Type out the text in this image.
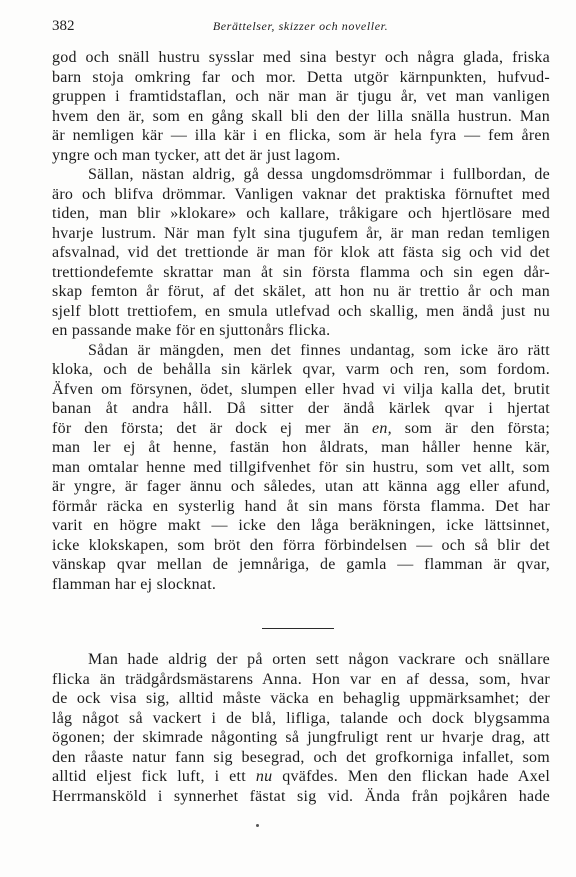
382	Berättelser, skizzer och noveller.
god och snäll hustru sysslar med sina bestyr och några glada, friska
barn stoja omkring far och mor. Detta utgör kärnpunkten, hufvud-
gruppen i framtidstaflan, och när man är tjugu år, vet man vanligen
hvem den är, som en gång skall bli den der lilla snälla hustrun. Man
är nemligen kär — illa kär i en flicka, som är hela fyra — fem åren
yngre och man tycker, att det är just lagom.
Sällan, nästan aldrig, gå dessa ungdomsdrömmar i fullbordan, de
äro och blifva drömmar. Vanligen vaknar det praktiska förnuftet med
tiden, man blir »klokare» och kallare, tråkigare och hjertlösare med
hvarje lustrum. När man fylt sina tjugufem år, är man redan temligen
afsvalnad, vid det trettionde är man för klok att fästa sig och vid det
trettiondefemte skrattar man åt sin första flamma och sin egen dår-
skap femton år förut, af det skälet, att hon nu är trettio år och man
sjelf blott trettiofem, en smula utlefvad och skallig, men ändå just nu
en passande make för en sjuttonårs flicka.
Sådan är mängden, men det finnes undantag, som icke äro rätt
kloka, och de behålla sin kärlek qvar, varm och ren, som fordom.
Äfven om försynen, ödet, slumpen eller hvad vi vilja kalla det, brutit
banan åt andra håll. Då sitter der ändå kärlek qvar i hjertat
för den första; det är dock ej mer än en, som är den första;
man ler ej åt henne, fastän hon åldrats, man håller henne kär,
man omtalar henne med tillgifvenhet för sin hustru, som vet allt, som
är yngre, är fager ännu och således, utan att känna agg eller afund,
förmår räcka en systerlig hand åt sin mans första flamma. Det har
varit en högre makt — icke den låga beräkningen, icke lättsinnet,
icke klokskapen, som bröt den förra förbindelsen — och så blir det
vänskap qvar mellan de jemnåriga, de gamla — flamman är qvar,
flamman har ej slocknat.
Man hade aldrig der på orten sett någon vackrare och snällare
flicka än trädgårdsmästarens Anna. Hon var en af dessa, som, hvar
de ock visa sig, alltid måste väcka en behaglig uppmärksamhet; der
låg något så vackert i de blå, lifliga, talande och dock blygsamma
ögonen; der skimrade någonting så jungfruligt rent ur hvarje drag, att
den råaste natur fann sig besegrad, och det grofkorniga infallet, som
alltid eljest fick luft, i ett nu qväfdes. Men den flickan hade Axel
Herrmansköld i synnerhet fästat sig vid. Ända från pojkåren hade
